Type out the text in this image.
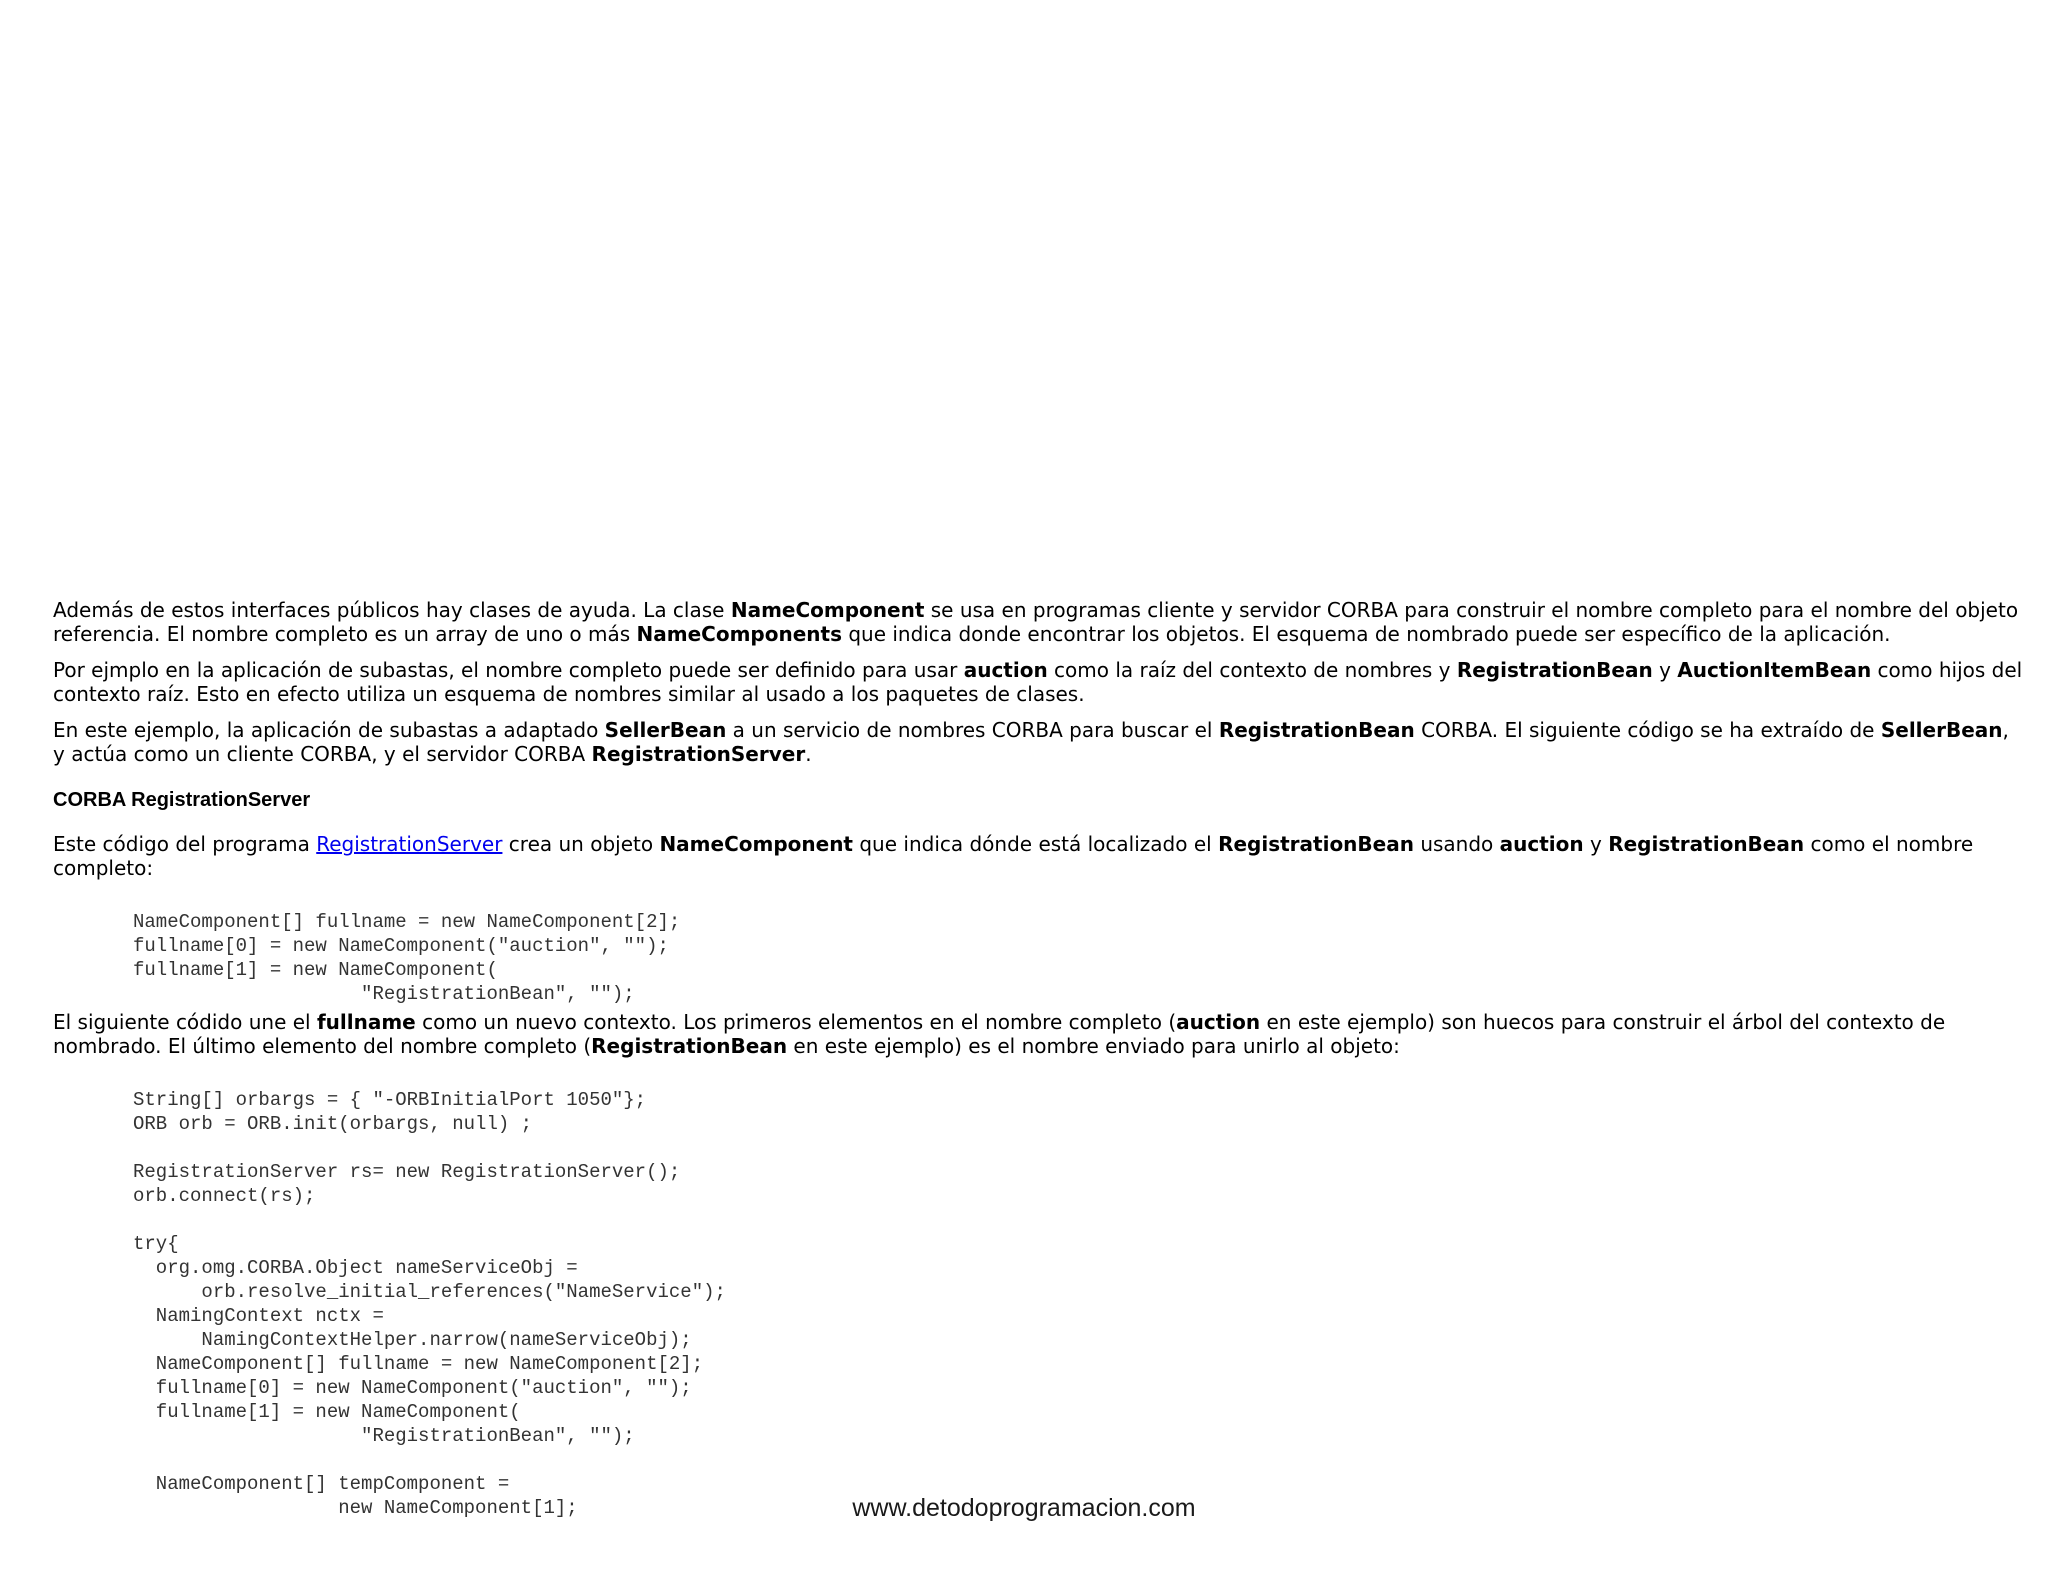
Además de estos interfaces públicos hay clases de ayuda. La clase NameComponent se usa en programas cliente y servidor CORBA para construir el nombre completo para el nombre del objeto referencia. El nombre completo es un array de uno o más NameComponents que indica donde encontrar los objetos. El esquema de nombrado puede ser específico de la aplicación.

Por ejmplo en la aplicación de subastas, el nombre completo puede ser definido para usar auction como la raíz del contexto de nombres y RegistrationBean y AuctionItemBean como hijos del contexto raíz. Esto en efecto utiliza un esquema de nombres similar al usado a los paquetes de clases.

En este ejemplo, la aplicación de subastas a adaptado SellerBean a un servicio de nombres CORBA para buscar el RegistrationBean CORBA. El siguiente código se ha extraído de SellerBean, y actúa como un cliente CORBA, y el servidor CORBA RegistrationServer.

CORBA RegistrationServer

Este código del programa RegistrationServer crea un objeto NameComponent que indica dónde está localizado el RegistrationBean usando auction y RegistrationBean como el nombre completo:

NameComponent[] fullname = new NameComponent[2];
fullname[0] = new NameComponent("auction", "");
fullname[1] = new NameComponent(
"RegistrationBean", "");

El siguiente códido une el fullname como un nuevo contexto. Los primeros elementos en el nombre completo (auction en este ejemplo) son huecos para construir el árbol del contexto de nombrado. El último elemento del nombre completo (RegistrationBean en este ejemplo) es el nombre enviado para unirlo al objeto:

String[] orbargs = { "-ORBInitialPort 1050"};
ORB orb = ORB.init(orbargs, null) ;

RegistrationServer rs= new RegistrationServer();
orb.connect(rs);

try{
org.omg.CORBA.Object nameServiceObj =
orb.resolve_initial_references("NameService");
NamingContext nctx =
NamingContextHelper.narrow(nameServiceObj);
NameComponent[] fullname = new NameComponent[2];
fullname[0] = new NameComponent("auction", "");
fullname[1] = new NameComponent(
"RegistrationBean", "");

NameComponent[] tempComponent =
new NameComponent[1];	www.detodoprogramacion.com
